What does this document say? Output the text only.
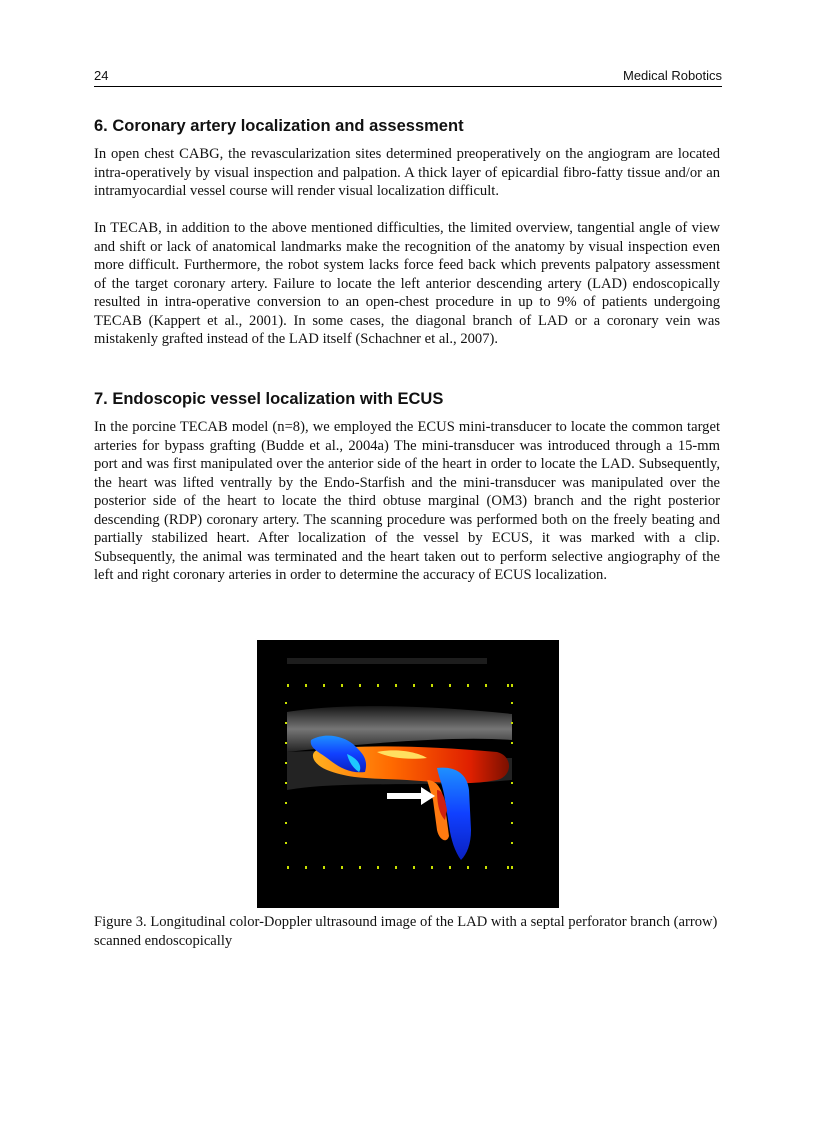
24	Medical Robotics
6. Coronary artery localization and assessment

In open chest CABG, the revascularization sites determined preoperatively on the angiogram are located intra-operatively by visual inspection and palpation. A thick layer of epicardial fibro-fatty tissue and/or an intramyocardial vessel course will render visual localization difficult.

In TECAB, in addition to the above mentioned difficulties, the limited overview, tangential angle of view and shift or lack of anatomical landmarks make the recognition of the anatomy by visual inspection even more difficult. Furthermore, the robot system lacks force feed back which prevents palpatory assessment of the target coronary artery. Failure to locate the left anterior descending artery (LAD) endoscopically resulted in intra-operative conversion to an open-chest procedure in up to 9% of patients undergoing TECAB (Kappert et al., 2001). In some cases, the diagonal branch of LAD or a coronary vein was mistakenly grafted instead of the LAD itself (Schachner et al., 2007).

7. Endoscopic vessel localization with ECUS

In the porcine TECAB model (n=8), we employed the ECUS mini-transducer to locate the common target arteries for bypass grafting (Budde et al., 2004a) The mini-transducer was introduced through a 15-mm port and was first manipulated over the anterior side of the heart in order to locate the LAD. Subsequently, the heart was lifted ventrally by the Endo-Starfish and the mini-transducer was manipulated over the posterior side of the heart to locate the third obtuse marginal (OM3) branch and the right posterior descending (RDP) coronary artery. The scanning procedure was performed both on the freely beating and partially stabilized heart. After localization of the vessel by ECUS, it was marked with a clip. Subsequently, the animal was terminated and the heart taken out to perform selective angiography of the left and right coronary arteries in order to determine the accuracy of ECUS localization.

Figure 3. Longitudinal color-Doppler ultrasound image of the LAD with a septal perforator branch (arrow) scanned endoscopically
